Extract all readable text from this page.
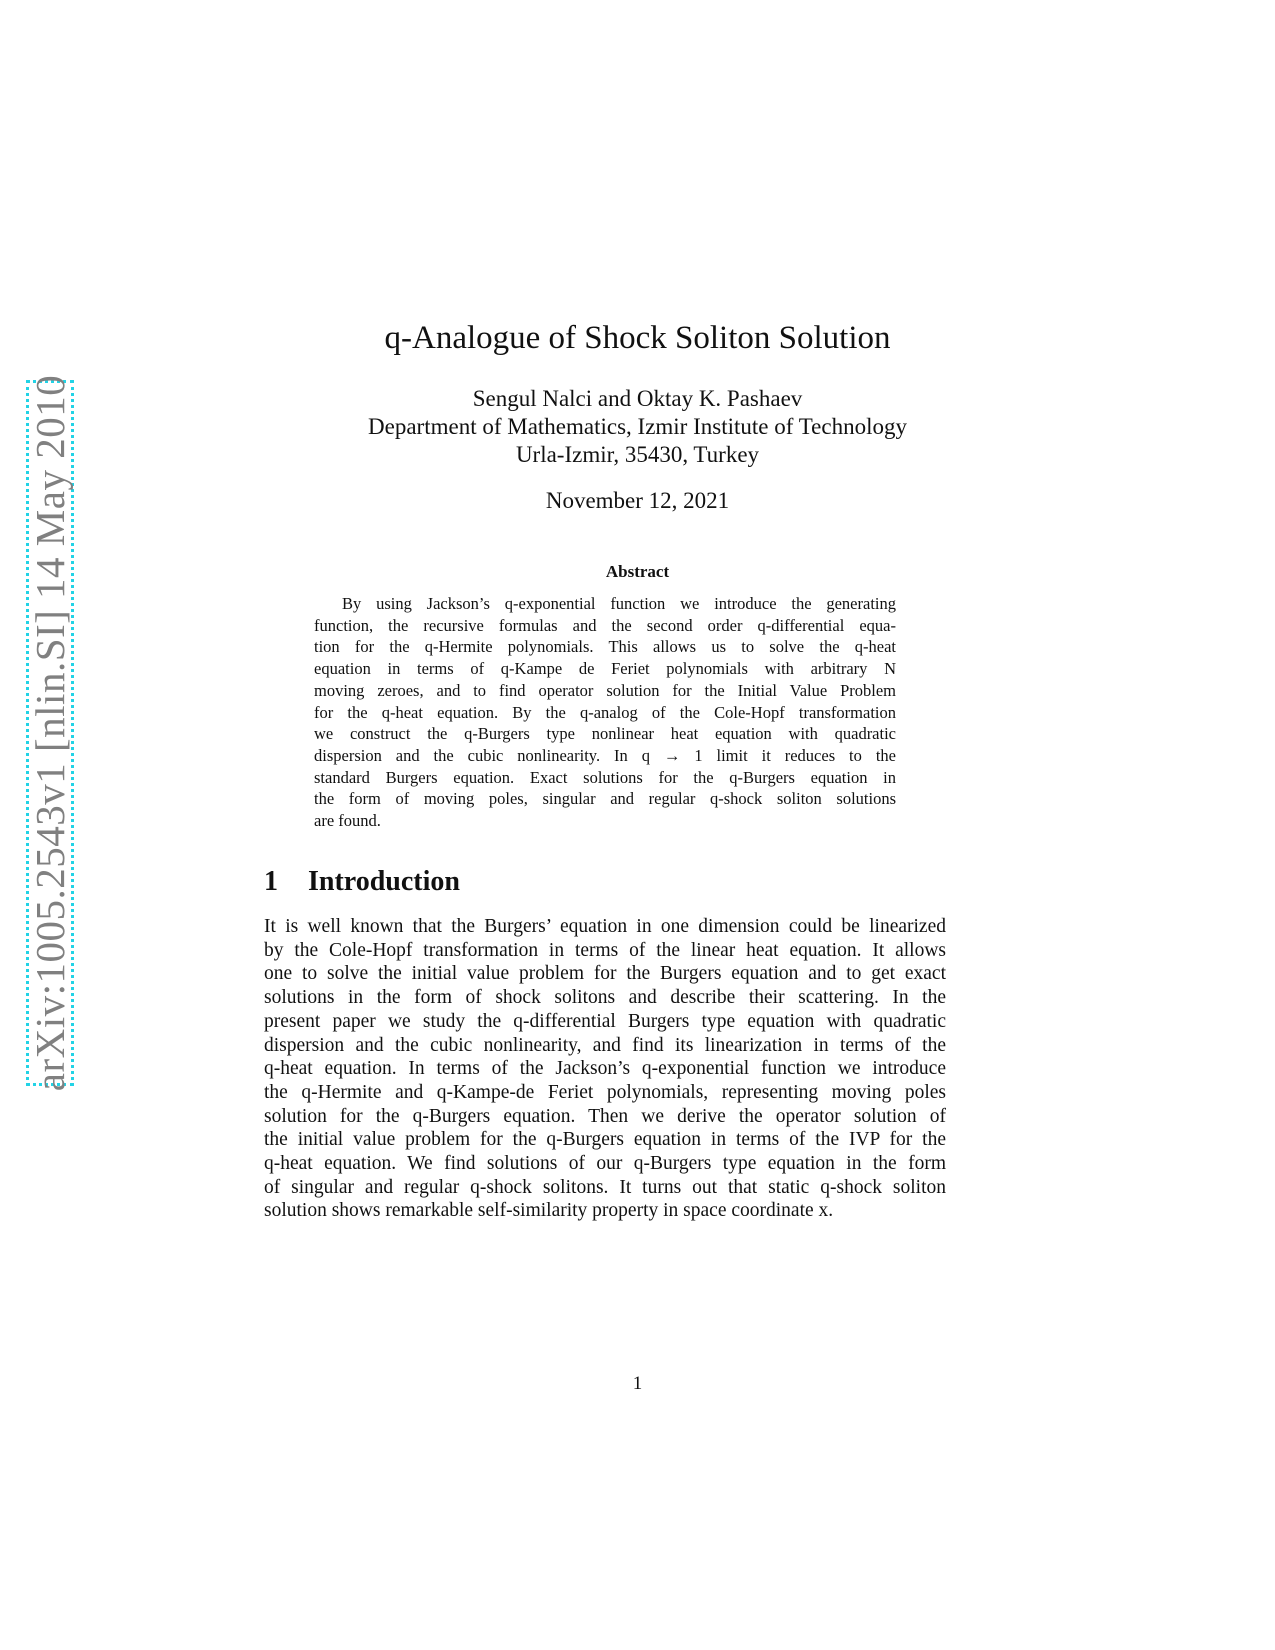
arXiv:1005.2543v1 [nlin.SI] 14 May 2010
q-Analogue of Shock Soliton Solution
Sengul Nalci and Oktay K. Pashaev
Department of Mathematics, Izmir Institute of Technology
Urla-Izmir, 35430, Turkey
November 12, 2021
Abstract
By using Jackson’s q-exponential function we introduce the generating
function, the recursive formulas and the second order q-differential equa-
tion for the q-Hermite polynomials. This allows us to solve the q-heat
equation in terms of q-Kampe de Feriet polynomials with arbitrary N
moving zeroes, and to find operator solution for the Initial Value Problem
for the q-heat equation. By the q-analog of the Cole-Hopf transformation
we construct the q-Burgers type nonlinear heat equation with quadratic
dispersion and the cubic nonlinearity. In q → 1 limit it reduces to the
standard Burgers equation. Exact solutions for the q-Burgers equation in
the form of moving poles, singular and regular q-shock soliton solutions
are found.
1 Introduction
It is well known that the Burgers’ equation in one dimension could be linearized
by the Cole-Hopf transformation in terms of the linear heat equation. It allows
one to solve the initial value problem for the Burgers equation and to get exact
solutions in the form of shock solitons and describe their scattering. In the
present paper we study the q-differential Burgers type equation with quadratic
dispersion and the cubic nonlinearity, and find its linearization in terms of the
q-heat equation. In terms of the Jackson’s q-exponential function we introduce
the q-Hermite and q-Kampe-de Feriet polynomials, representing moving poles
solution for the q-Burgers equation. Then we derive the operator solution of
the initial value problem for the q-Burgers equation in terms of the IVP for the
q-heat equation. We find solutions of our q-Burgers type equation in the form
of singular and regular q-shock solitons. It turns out that static q-shock soliton
solution shows remarkable self-similarity property in space coordinate x.
1
